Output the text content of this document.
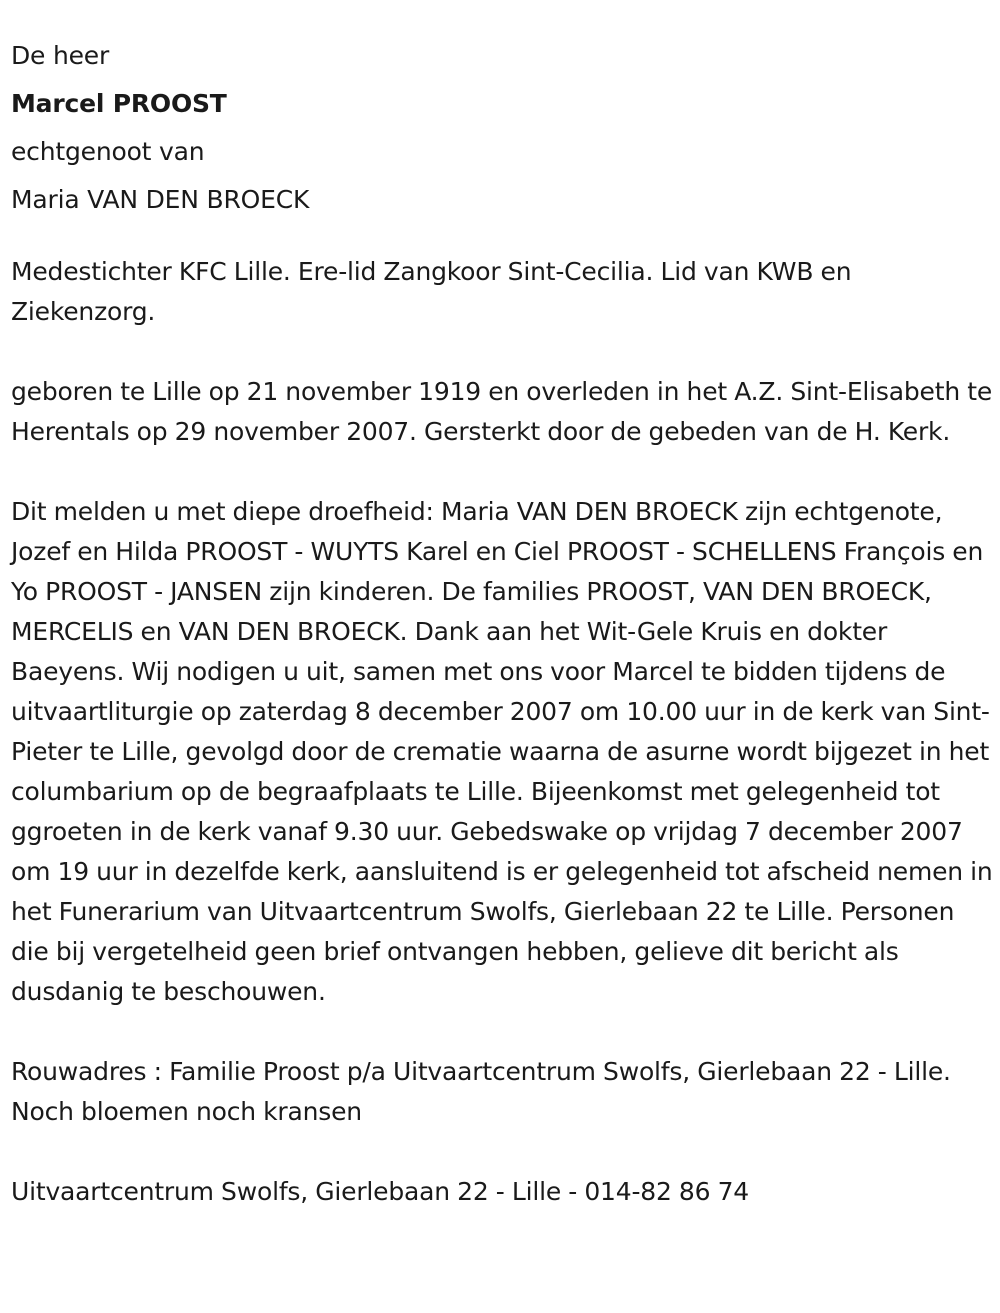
De heer
Marcel PROOST
echtgenoot van
Maria VAN DEN BROECK
Medestichter KFC Lille. Ere-lid Zangkoor Sint-Cecilia. Lid van KWB en Ziekenzorg.
geboren te Lille op 21 november 1919 en overleden in het A.Z. Sint-Elisabeth te Herentals op 29 november 2007. Gersterkt door de gebeden van de H. Kerk.
Dit melden u met diepe droefheid: Maria VAN DEN BROECK zijn echtgenote, Jozef en Hilda PROOST - WUYTS Karel en Ciel PROOST - SCHELLENS François en Yo PROOST - JANSEN zijn kinderen. De families PROOST, VAN DEN BROECK, MERCELIS en VAN DEN BROECK. Dank aan het Wit-Gele Kruis en dokter Baeyens. Wij nodigen u uit, samen met ons voor Marcel te bidden tijdens de uitvaartliturgie op zaterdag 8 december 2007 om 10.00 uur in de kerk van Sint-Pieter te Lille, gevolgd door de crematie waarna de asurne wordt bijgezet in het columbarium op de begraafplaats te Lille. Bijeenkomst met gelegenheid tot ggroeten in de kerk vanaf 9.30 uur. Gebedswake op vrijdag 7 december 2007 om 19 uur in dezelfde kerk, aansluitend is er gelegenheid tot afscheid nemen in het Funerarium van Uitvaartcentrum Swolfs, Gierlebaan 22 te Lille. Personen die bij vergetelheid geen brief ontvangen hebben, gelieve dit bericht als dusdanig te beschouwen.
Rouwadres : Familie Proost p/a Uitvaartcentrum Swolfs, Gierlebaan 22 - Lille. Noch bloemen noch kransen
Uitvaartcentrum Swolfs, Gierlebaan 22 - Lille - 014-82 86 74
